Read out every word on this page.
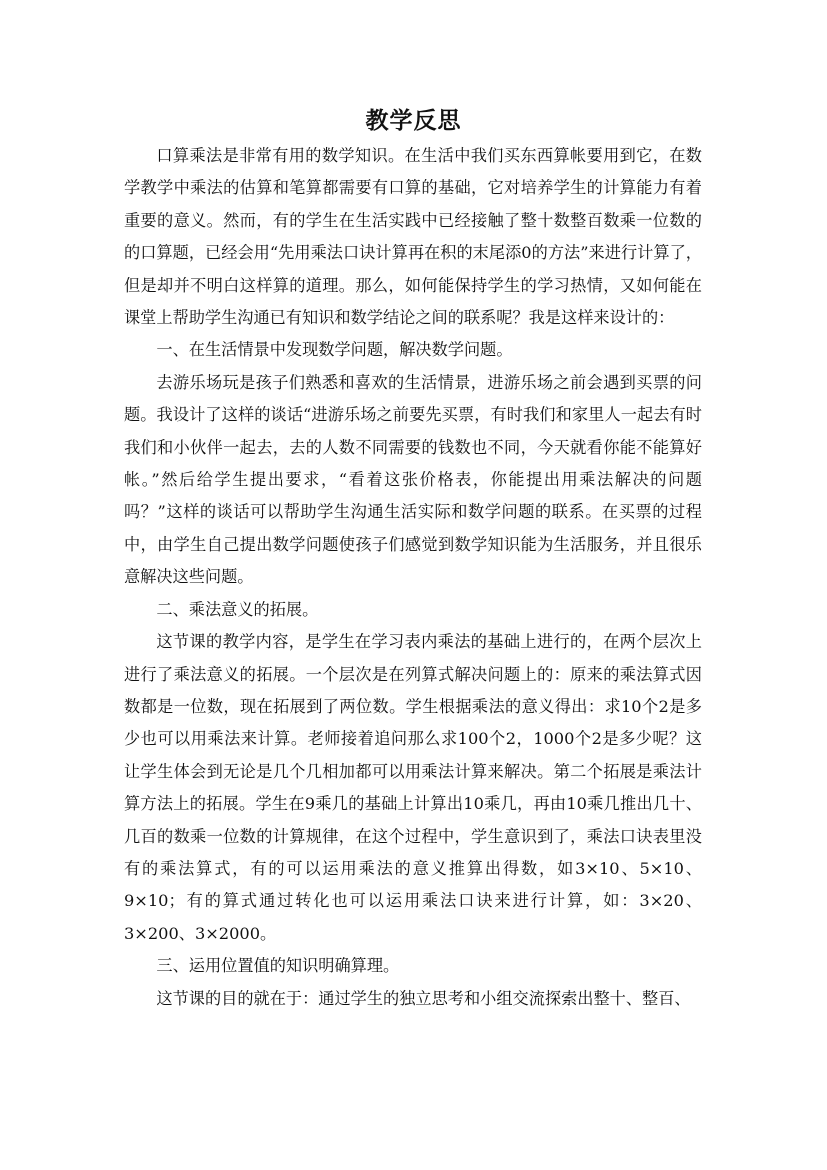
教学反思

口算乘法是非常有用的数学知识。在生活中我们买东西算帐要用到它，在数学教学中乘法的估算和笔算都需要有口算的基础，它对培养学生的计算能力有着重要的意义。然而，有的学生在生活实践中已经接触了整十数整百数乘一位数的的口算题，已经会用“先用乘法口诀计算再在积的末尾添0的方法”来进行计算了，但是却并不明白这样算的道理。那么，如何能保持学生的学习热情，又如何能在课堂上帮助学生沟通已有知识和数学结论之间的联系呢？我是这样来设计的：

一、在生活情景中发现数学问题，解决数学问题。

去游乐场玩是孩子们熟悉和喜欢的生活情景，进游乐场之前会遇到买票的问题。我设计了这样的谈话“进游乐场之前要先买票，有时我们和家里人一起去有时我们和小伙伴一起去，去的人数不同需要的钱数也不同，今天就看你能不能算好帐。”然后给学生提出要求，“看着这张价格表，你能提出用乘法解决的问题吗？”这样的谈话可以帮助学生沟通生活实际和数学问题的联系。在买票的过程中，由学生自己提出数学问题使孩子们感觉到数学知识能为生活服务，并且很乐意解决这些问题。

二、乘法意义的拓展。

这节课的教学内容，是学生在学习表内乘法的基础上进行的，在两个层次上进行了乘法意义的拓展。一个层次是在列算式解决问题上的：原来的乘法算式因数都是一位数，现在拓展到了两位数。学生根据乘法的意义得出：求10个2是多少也可以用乘法来计算。老师接着追问那么求100个2，1000个2是多少呢？这让学生体会到无论是几个几相加都可以用乘法计算来解决。第二个拓展是乘法计算方法上的拓展。学生在9乘几的基础上计算出10乘几，再由10乘几推出几十、几百的数乘一位数的计算规律，在这个过程中，学生意识到了，乘法口诀表里没有的乘法算式，有的可以运用乘法的意义推算出得数，如3×10、5×10、9×10；有的算式通过转化也可以运用乘法口诀来进行计算，如：3×20、3×200、3×2000。

三、运用位置值的知识明确算理。

这节课的目的就在于：通过学生的独立思考和小组交流探索出整十、整百、
